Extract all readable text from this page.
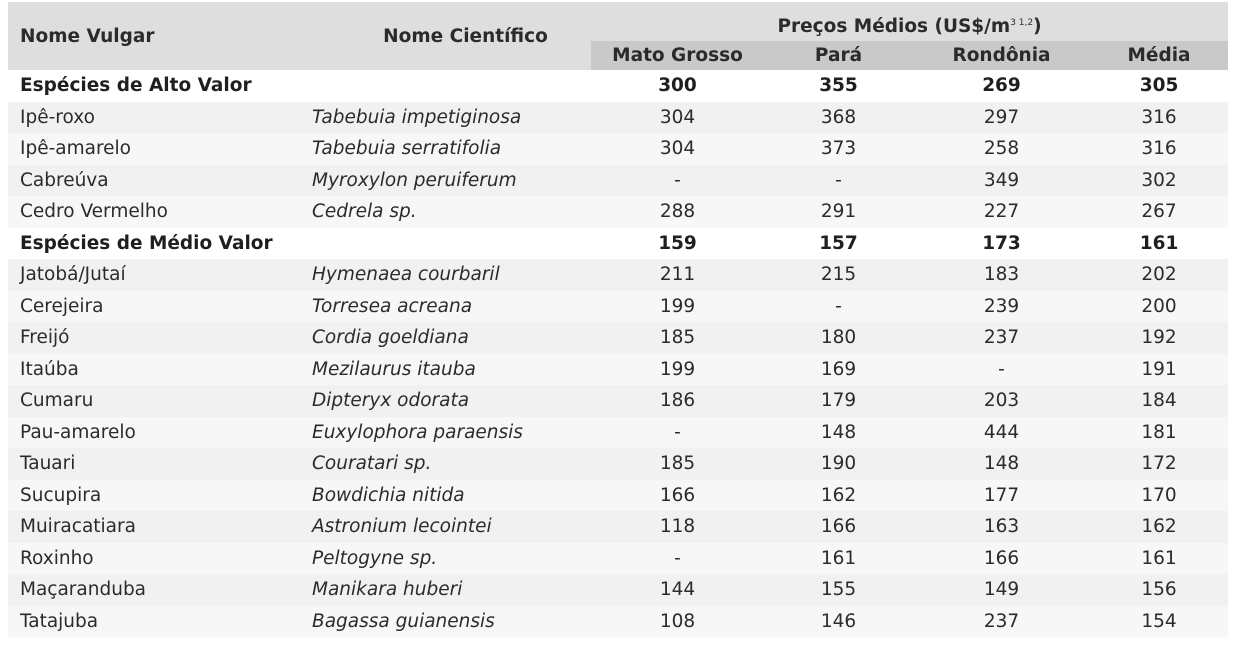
Nome Vulgar	Nome Científico	Preços Médios $(US\$/m^{3 1,2})$			
		Mato Grosso	Pará	Rondônia	Média
Espécies de Alto Valor		300	355	269	305
Ipê-roxo	Tabebuia impetiginosa	304	368	297	316
Ipê-amarelo	Tabebuia serratifolia	304	373	258	316
Cabreúva	Myroxylon peruiferum	-	-	349	302
Cedro Vermelho	Cedrela sp.	288	291	227	267
Espécies de Médio Valor		159	157	173	161
Jatobá/Jutaí	Hymenaea courbaril	211	215	183	202
Cerejeira	Torresea acreana	199	-	239	200
Freijó	Cordia goeldiana	185	180	237	192
Itaúba	Mezilaurus itauba	199	169	-	191
Cumaru	Dipteryx odorata	186	179	203	184
Pau-amarelo	Euxylophora paraensis	-	148	444	181
Tauari	Couratari sp.	185	190	148	172
Sucupira	Bowdichia nitida	166	162	177	170
Muiracatiara	Astronium lecointei	118	166	163	162
Roxinho	Peltogyne sp.	-	161	166	161
Maçaranduba	Manikara huberi	144	155	149	156
Tatajuba	Bagassa guianensis	108	146	237	154
